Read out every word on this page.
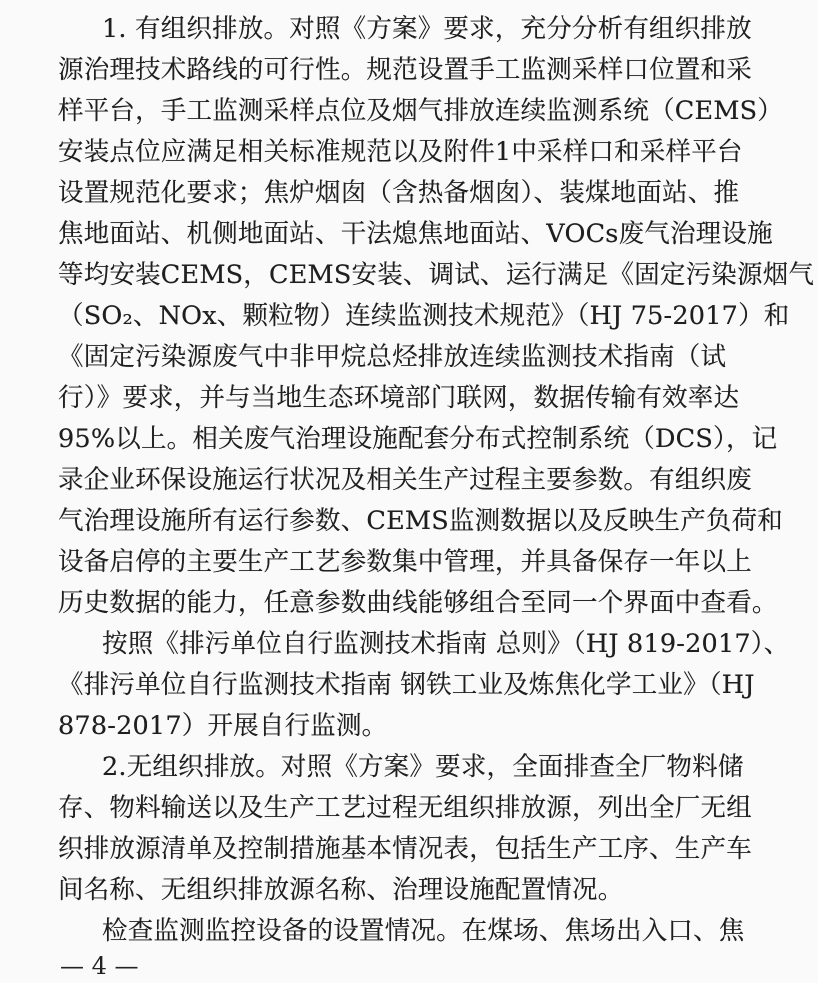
1. 有组织排放。对照《方案》要求，充分分析有组织排放
源治理技术路线的可行性。规范设置手工监测采样口位置和采
样平台，手工监测采样点位及烟气排放连续监测系统（CEMS）
安装点位应满足相关标准规范以及附件1中采样口和采样平台
设置规范化要求；焦炉烟囱（含热备烟囱）、装煤地面站、推
焦地面站、机侧地面站、干法熄焦地面站、VOCs废气治理设施
等均安装CEMS，CEMS安装、调试、运行满足《固定污染源烟气
（SO₂、NOx、颗粒物）连续监测技术规范》（HJ 75-2017）和
《固定污染源废气中非甲烷总烃排放连续监测技术指南（试
行）》要求，并与当地生态环境部门联网，数据传输有效率达
95%以上。相关废气治理设施配套分布式控制系统（DCS），记
录企业环保设施运行状况及相关生产过程主要参数。有组织废
气治理设施所有运行参数、CEMS监测数据以及反映生产负荷和
设备启停的主要生产工艺参数集中管理，并具备保存一年以上
历史数据的能力，任意参数曲线能够组合至同一个界面中查看。
按照《排污单位自行监测技术指南 总则》（HJ 819-2017）、
《排污单位自行监测技术指南 钢铁工业及炼焦化学工业》（HJ
878-2017）开展自行监测。
2.无组织排放。对照《方案》要求，全面排查全厂物料储
存、物料输送以及生产工艺过程无组织排放源，列出全厂无组
织排放源清单及控制措施基本情况表，包括生产工序、生产车
间名称、无组织排放源名称、治理设施配置情况。
检查监测监控设备的设置情况。在煤场、焦场出入口、焦
— 4 —
